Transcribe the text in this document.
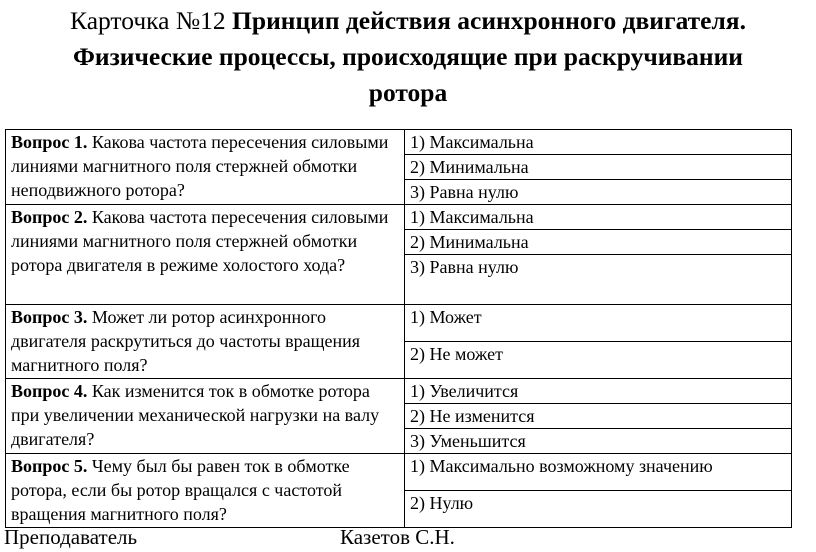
Карточка №12 Принцип действия асинхронного двигателя.
Физические процессы, происходящие при раскручивании
ротора
Вопрос 1. Какова частота пересечения силовыми линиями магнитного поля стержней обмотки неподвижного ротора?	1) Максимальна
	2) Минимальна
	3) Равна нулю
Вопрос 2. Какова частота пересечения силовыми линиями магнитного поля стержней обмотки ротора двигателя в режиме холостого хода?	1) Максимальна
	2) Минимальна
	3) Равна нулю
Вопрос 3. Может ли ротор асинхронного двигателя раскрутиться до частоты вращения магнитного поля?	1) Может
	2) Не может
Вопрос 4. Как изменится ток в обмотке ротора при увеличении механической нагрузки на валу двигателя?	1) Увеличится
	2) Не изменится
	3) Уменьшится
Вопрос 5. Чему был бы равен ток в обмотке ротора, если бы ротор вращался с частотой вращения магнитного поля?	1) Максимально возможному значению
	2) Нулю
Преподаватель	Казетов С.Н.
